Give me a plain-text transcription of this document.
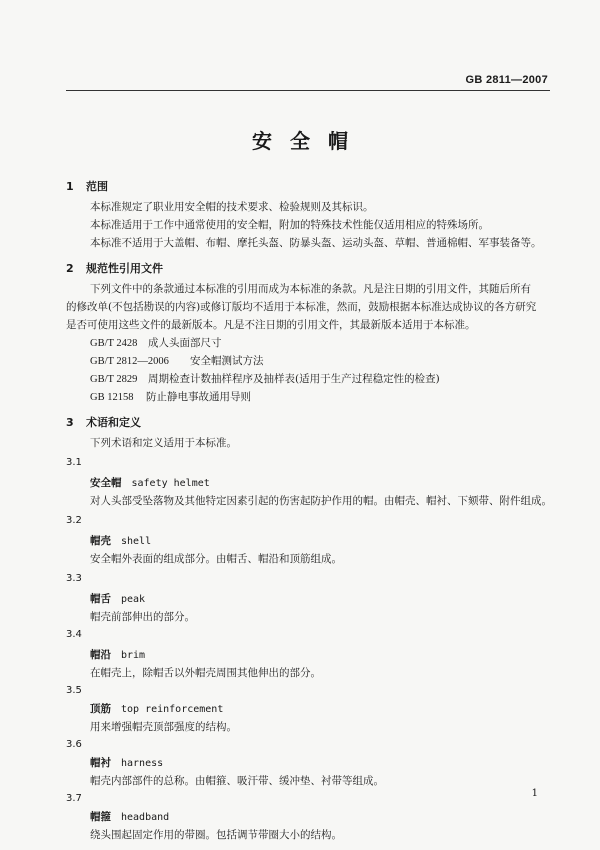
GB 2811—2007
安全帽
1 范围
本标准规定了职业用安全帽的技术要求、检验规则及其标识。
本标准适用于工作中通常使用的安全帽，附加的特殊技术性能仅适用相应的特殊场所。
本标准不适用于大盖帽、布帽、摩托头盔、防暴头盔、运动头盔、草帽、普通棉帽、军事装备等。
2 规范性引用文件
下列文件中的条款通过本标准的引用而成为本标准的条款。凡是注日期的引用文件，其随后所有
的修改单(不包括勘误的内容)或修订版均不适用于本标准，然而，鼓励根据本标准达成协议的各方研究
是否可使用这些文件的最新版本。凡是不注日期的引用文件，其最新版本适用于本标准。
GB/T 2428 成人头面部尺寸
GB/T 2812—2006 安全帽测试方法
GB/T 2829 周期检查计数抽样程序及抽样表(适用于生产过程稳定性的检查)
GB 12158 防止静电事故通用导则
3 术语和定义
下列术语和定义适用于本标准。
3.1
安全帽 safety helmet
对人头部受坠落物及其他特定因素引起的伤害起防护作用的帽。由帽壳、帽衬、下颏带、附件组成。
3.2
帽壳 shell
安全帽外表面的组成部分。由帽舌、帽沿和顶筋组成。
3.3
帽舌 peak
帽壳前部伸出的部分。
3.4
帽沿 brim
在帽壳上，除帽舌以外帽壳周围其他伸出的部分。
3.5
顶筋 top reinforcement
用来增强帽壳顶部强度的结构。
3.6
帽衬 harness
帽壳内部部件的总称。由帽箍、吸汗带、缓冲垫、衬带等组成。
3.7
帽箍 headband
绕头围起固定作用的带圈。包括调节带圈大小的结构。
1
